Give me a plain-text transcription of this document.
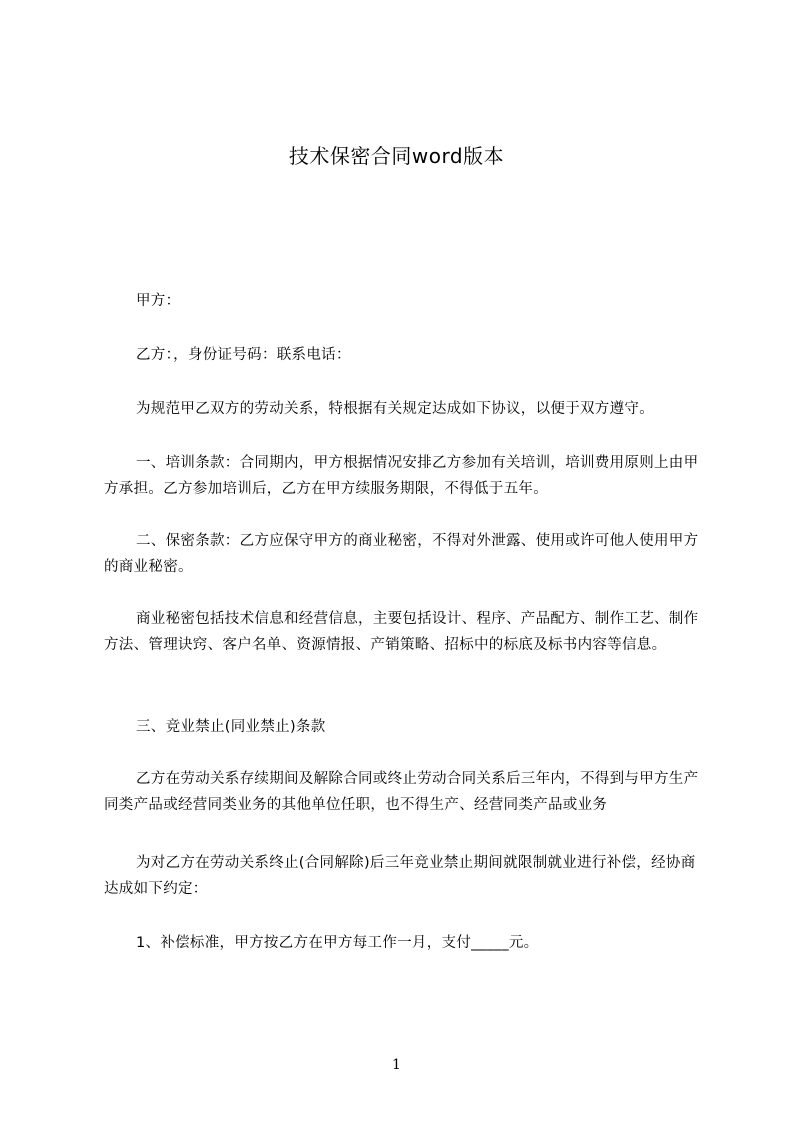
技术保密合同word版本

甲方：

乙方：，身份证号码：联系电话：

为规范甲乙双方的劳动关系，特根据有关规定达成如下协议，以便于双方遵守。

一、培训条款：合同期内，甲方根据情况安排乙方参加有关培训，培训费用原则上由甲方承担。乙方参加培训后，乙方在甲方续服务期限，不得低于五年。

二、保密条款：乙方应保守甲方的商业秘密，不得对外泄露、使用或许可他人使用甲方的商业秘密。

商业秘密包括技术信息和经营信息，主要包括设计、程序、产品配方、制作工艺、制作方法、管理诀窍、客户名单、资源情报、产销策略、招标中的标底及标书内容等信息。

三、竞业禁止(同业禁止)条款

乙方在劳动关系存续期间及解除合同或终止劳动合同关系后三年内，不得到与甲方生产同类产品或经营同类业务的其他单位任职，也不得生产、经营同类产品或业务

为对乙方在劳动关系终止(合同解除)后三年竞业禁止期间就限制就业进行补偿，经协商达成如下约定：

1、补偿标准，甲方按乙方在甲方每工作一月，支付_____元。

1
